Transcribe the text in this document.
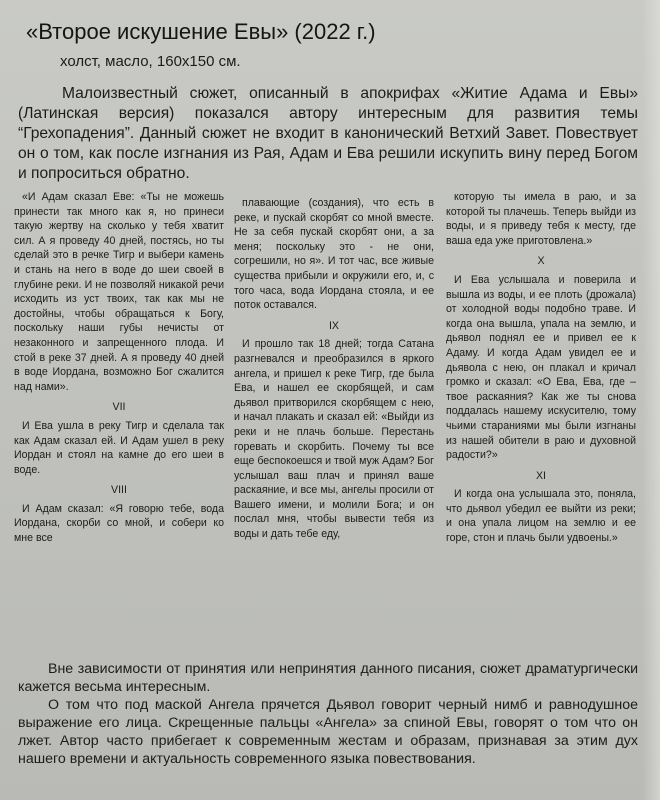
«Второе искушение Евы» (2022 г.)
холст, масло, 160х150 см.

Малоизвестный сюжет, описанный в апокрифах «Житие Адама и Евы» (Латинская версия) показался автору интересным для развития темы “Грехопадения”. Данный сюжет не входит в канонический Ветхий Завет. Повествует он о том, как после изгнания из Рая, Адам и Ева решили искупить вину перед Богом и попроситься обратно.

«И Адам сказал Еве: «Ты не можешь принести так много как я, но принеси такую жертву на сколько у тебя хватит сил. А я проведу 40 дней, постясь, но ты сделай это в речке Тигр и выбери камень и стань на него в воде до шеи своей в глубине реки. И не позволяй никакой речи исходить из уст твоих, так как мы не достойны, чтобы обращаться к Богу, поскольку наши губы нечисты от незаконного и запрещенного плода. И стой в реке 37 дней. А я проведу 40 дней в воде Иордана, возможно Бог сжалится над нами».

VII

И Ева ушла в реку Тигр и сделала так как Адам сказал ей. И Адам ушел в реку Иордан и стоял на камне до его шеи в воде.

VIII

И Адам сказал: «Я говорю тебе, вода Иордана, скорби со мной, и собери ко мне все

плавающие (создания), что есть в реке, и пускай скорбят со мной вместе. Не за себя пускай скорбят они, а за меня; поскольку это - не они, согрешили, но я». И тот час, все живые существа прибыли и окружили его, и, с того часа, вода Иордана стояла, и ее поток оставался.

IX

И прошло так 18 дней; тогда Сатана разгневался и преобразился в яркого ангела, и пришел к реке Тигр, где была Ева, и нашел ее скорбящей, и сам дьявол притворился скорбящем с нею, и начал плакать и сказал ей: «Выйди из реки и не плачь больше. Перестань горевать и скорбить. Почему ты все еще беспокоешся и твой муж Адам? Бог услышал ваш плач и принял ваше раскаяние, и все мы, ангелы просили от Вашего имени, и молили Бога; и он послал мня, чтобы вывести тебя из воды и дать тебе еду,

которую ты имела в раю, и за которой ты плачешь. Теперь выйди из воды, и я приведу тебя к месту, где ваша еда уже приготовлена.»

X

И Ева услышала и поверила и вышла из воды, и ее плоть (дрожала) от холодной воды подобно траве. И когда она вышла, упала на землю, и дьявол поднял ее и привел ее к Адаму. И когда Адам увидел ее и дьявола с нею, он плакал и кричал громко и сказал: «О Ева, Ева, где – твое раскаяния? Как же ты снова поддалась нашему искусителю, тому чьими стараниями мы были изгнаны из нашей обители в раю и духовной радости?»

XI

И когда она услышала это, поняла, что дьявол убедил ее выйти из реки; и она упала лицом на землю и ее горе, стон и плачь были удвоены.»

Вне зависимости от принятия или непринятия данного писания, сюжет драматургически кажется весьма интересным.

О том что под маской Ангела прячется Дьявол говорит черный нимб и равнодушное выражение его лица. Скрещенные пальцы «Ангела» за спиной Евы, говорят о том что он лжет. Автор часто прибегает к современным жестам и образам, признавая за этим дух нашего времени и актуальность современного языка повествования.
